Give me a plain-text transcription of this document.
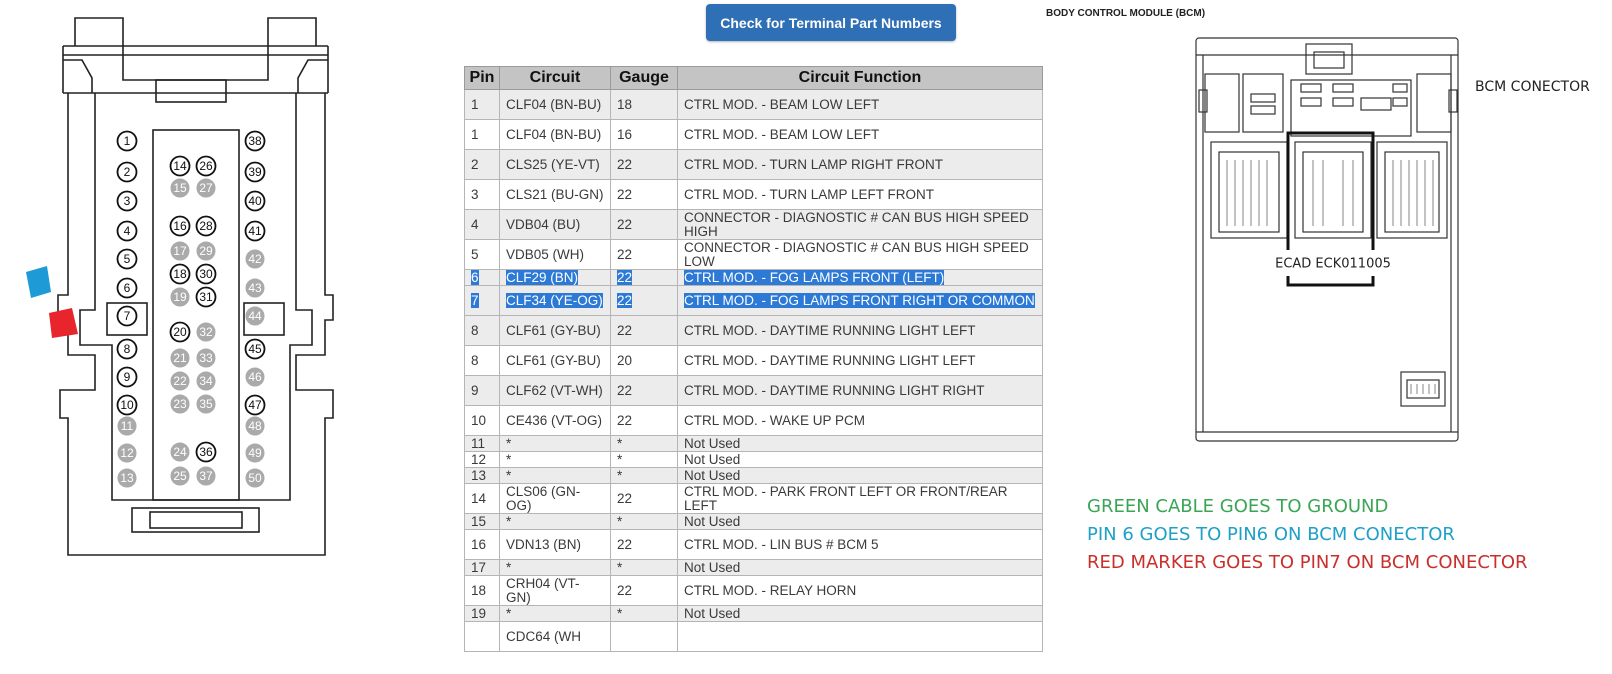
1
2
3
4
5
6
7
8
9
10
11
12
13
14
15
16
17
18
19
20
21
22
23
24
25
26
27
28
29
30
31
32
33
34
35
36
37
38
39
40
41
42
43
44
45
46
47
48
49
50
Check for Terminal Part Numbers
Pin	Circuit	Gauge	Circuit Function
1	CLF04 (BN-BU)	18	CTRL MOD. - BEAM LOW LEFT
1	CLF04 (BN-BU)	16	CTRL MOD. - BEAM LOW LEFT
2	CLS25 (YE-VT)	22	CTRL MOD. - TURN LAMP RIGHT FRONT
3	CLS21 (BU-GN)	22	CTRL MOD. - TURN LAMP LEFT FRONT
4	VDB04 (BU)	22	CONNECTOR - DIAGNOSTIC # CAN BUS HIGH SPEED HIGH
5	VDB05 (WH)	22	CONNECTOR - DIAGNOSTIC # CAN BUS HIGH SPEED LOW
6	CLF29 (BN)	22	CTRL MOD. - FOG LAMPS FRONT (LEFT)
7	CLF34 (YE-OG)	22	CTRL MOD. - FOG LAMPS FRONT RIGHT OR COMMON
8	CLF61 (GY-BU)	22	CTRL MOD. - DAYTIME RUNNING LIGHT LEFT
8	CLF61 (GY-BU)	20	CTRL MOD. - DAYTIME RUNNING LIGHT LEFT
9	CLF62 (VT-WH)	22	CTRL MOD. - DAYTIME RUNNING LIGHT RIGHT
10	CE436 (VT-OG)	22	CTRL MOD. - WAKE UP PCM
11	*	*	Not Used
12	*	*	Not Used
13	*	*	Not Used
14	CLS06 (GN-OG)	22	CTRL MOD. - PARK FRONT LEFT OR FRONT/REAR LEFT
15	*	*	Not Used
16	VDN13 (BN)	22	CTRL MOD. - LIN BUS # BCM 5
17	*	*	Not Used
18	CRH04 (VT-GN)	22	CTRL MOD. - RELAY HORN
19	*	*	Not Used
	CDC64 (WH		
BODY CONTROL MODULE (BCM)
BCM CONECTOR
ECAD ECK011005
GREEN CABLE GOES TO GROUND
PIN 6 GOES TO PIN6 ON BCM CONECTOR
RED MARKER GOES TO PIN7 ON BCM CONECTOR
